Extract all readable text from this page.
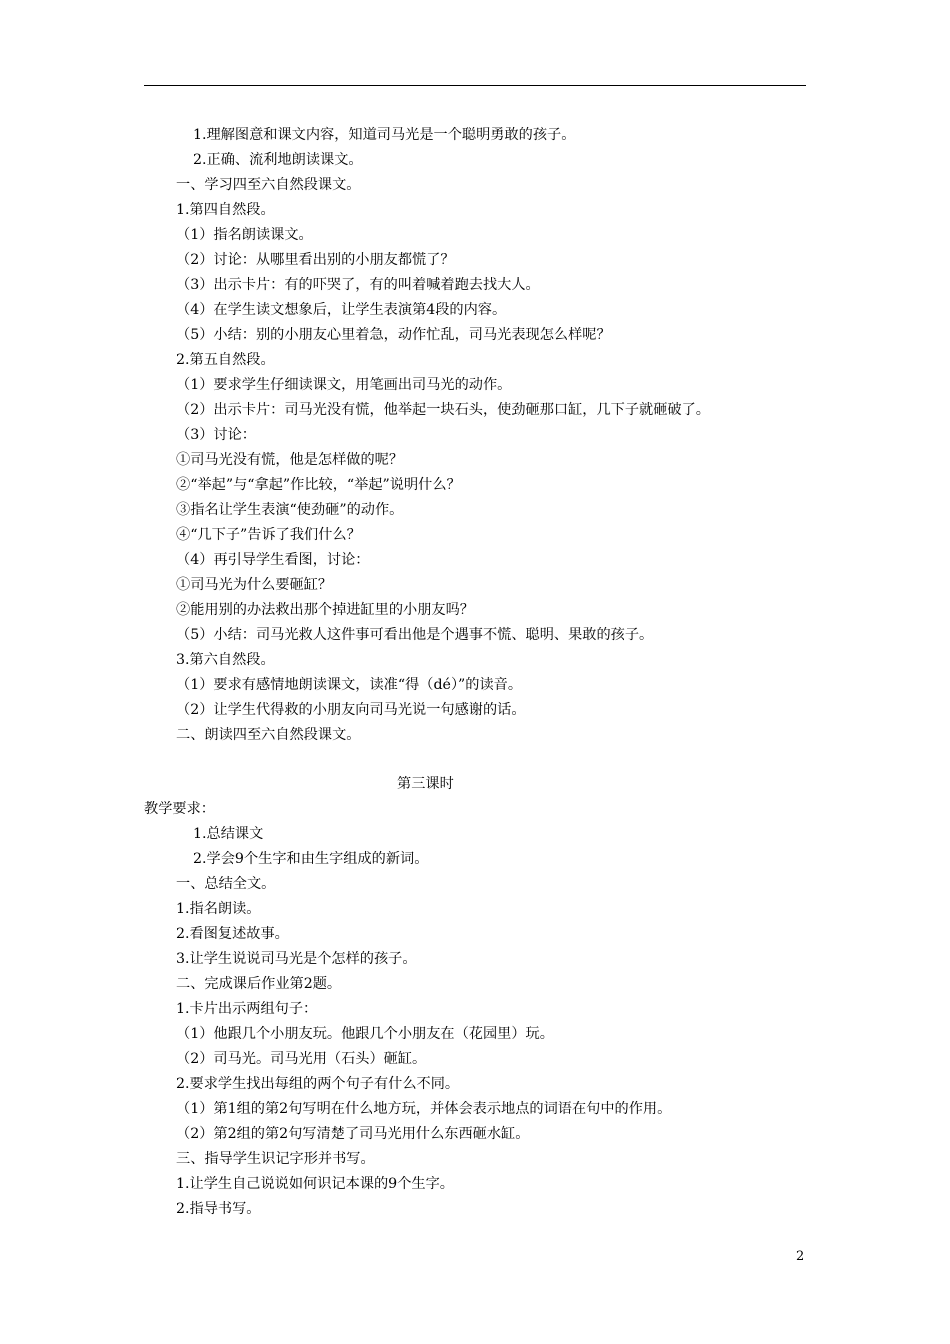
1.理解图意和课文内容，知道司马光是一个聪明勇敢的孩子。
2.正确、流利地朗读课文。
一、学习四至六自然段课文。
1.第四自然段。
（1）指名朗读课文。
（2）讨论：从哪里看出别的小朋友都慌了？
（3）出示卡片：有的吓哭了，有的叫着喊着跑去找大人。
（4）在学生读文想象后，让学生表演第4段的内容。
（5）小结：别的小朋友心里着急，动作忙乱，司马光表现怎么样呢？
2.第五自然段。
（1）要求学生仔细读课文，用笔画出司马光的动作。
（2）出示卡片：司马光没有慌，他举起一块石头，使劲砸那口缸，几下子就砸破了。
（3）讨论：
①司马光没有慌，他是怎样做的呢？
②“举起”与“拿起”作比较，“举起”说明什么？
③指名让学生表演“使劲砸”的动作。
④“几下子”告诉了我们什么？
（4）再引导学生看图，讨论：
①司马光为什么要砸缸？
②能用别的办法救出那个掉进缸里的小朋友吗？
（5）小结：司马光救人这件事可看出他是个遇事不慌、聪明、果敢的孩子。
3.第六自然段。
（1）要求有感情地朗读课文，读准“得（dé）”的读音。
（2）让学生代得救的小朋友向司马光说一句感谢的话。
二、朗读四至六自然段课文。
第三课时
教学要求：
1.总结课文
2.学会9个生字和由生字组成的新词。
一、总结全文。
1.指名朗读。
2.看图复述故事。
3.让学生说说司马光是个怎样的孩子。
二、完成课后作业第2题。
1.卡片出示两组句子：
（1）他跟几个小朋友玩。他跟几个小朋友在（花园里）玩。
（2）司马光。司马光用（石头）砸缸。
2.要求学生找出每组的两个句子有什么不同。
（1）第1组的第2句写明在什么地方玩，并体会表示地点的词语在句中的作用。
（2）第2组的第2句写清楚了司马光用什么东西砸水缸。
三、指导学生识记字形并书写。
1.让学生自己说说如何识记本课的9个生字。
2.指导书写。
2
